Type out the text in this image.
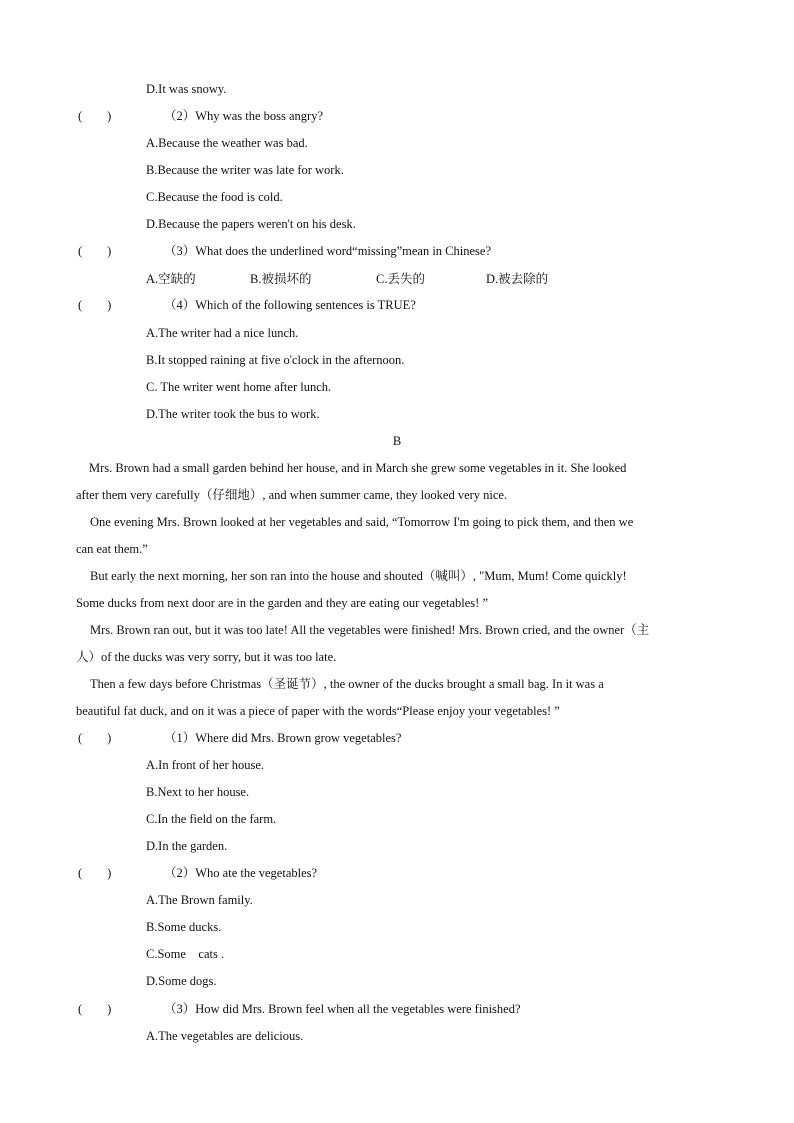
D.It was snowy.
(　　)	（2）Why was the boss angry?
A.Because the weather was bad.
B.Because the writer was late for work.
C.Because the food is cold.
D.Because the papers weren't on his desk.
(　　)	（3）What does the underlined word“missing”mean in Chinese?
A.空缺的	B.被损坏的	C.丢失的	D.被去除的
(　　)	（4）Which of the following sentences is TRUE?
A.The writer had a nice lunch.
B.It stopped raining at five o'clock in the afternoon.
C. The writer went home after lunch.
D.The writer took the bus to work.
B
Mrs. Brown had a small garden behind her house, and in March she grew some vegetables in it. She looked
after them very carefully（仔细地）, and when summer came, they looked very nice.
One evening Mrs. Brown looked at her vegetables and said, “Tomorrow I'm going to pick them, and then we
can eat them.”
But early the next morning, her son ran into the house and shouted（喊叫）, "Mum, Mum! Come quickly!
Some ducks from next door are in the garden and they are eating our vegetables! ”
Mrs. Brown ran out, but it was too late! All the vegetables were finished! Mrs. Brown cried, and the owner（主
人）of the ducks was very sorry, but it was too late.
Then a few days before Christmas（圣诞节）, the owner of the ducks brought a small bag. In it was a
beautiful fat duck, and on it was a piece of paper with the words“Please enjoy your vegetables! ”
(　　)	（1）Where did Mrs. Brown grow vegetables?
A.In front of her house.
B.Next to her house.
C.In the field on the farm.
D.In the garden.
(　　)	（2）Who ate the vegetables?
A.The Brown family.
B.Some ducks.
C.Some　cats .
D.Some dogs.
(　　)	（3）How did Mrs. Brown feel when all the vegetables were finished?
A.The vegetables are delicious.
